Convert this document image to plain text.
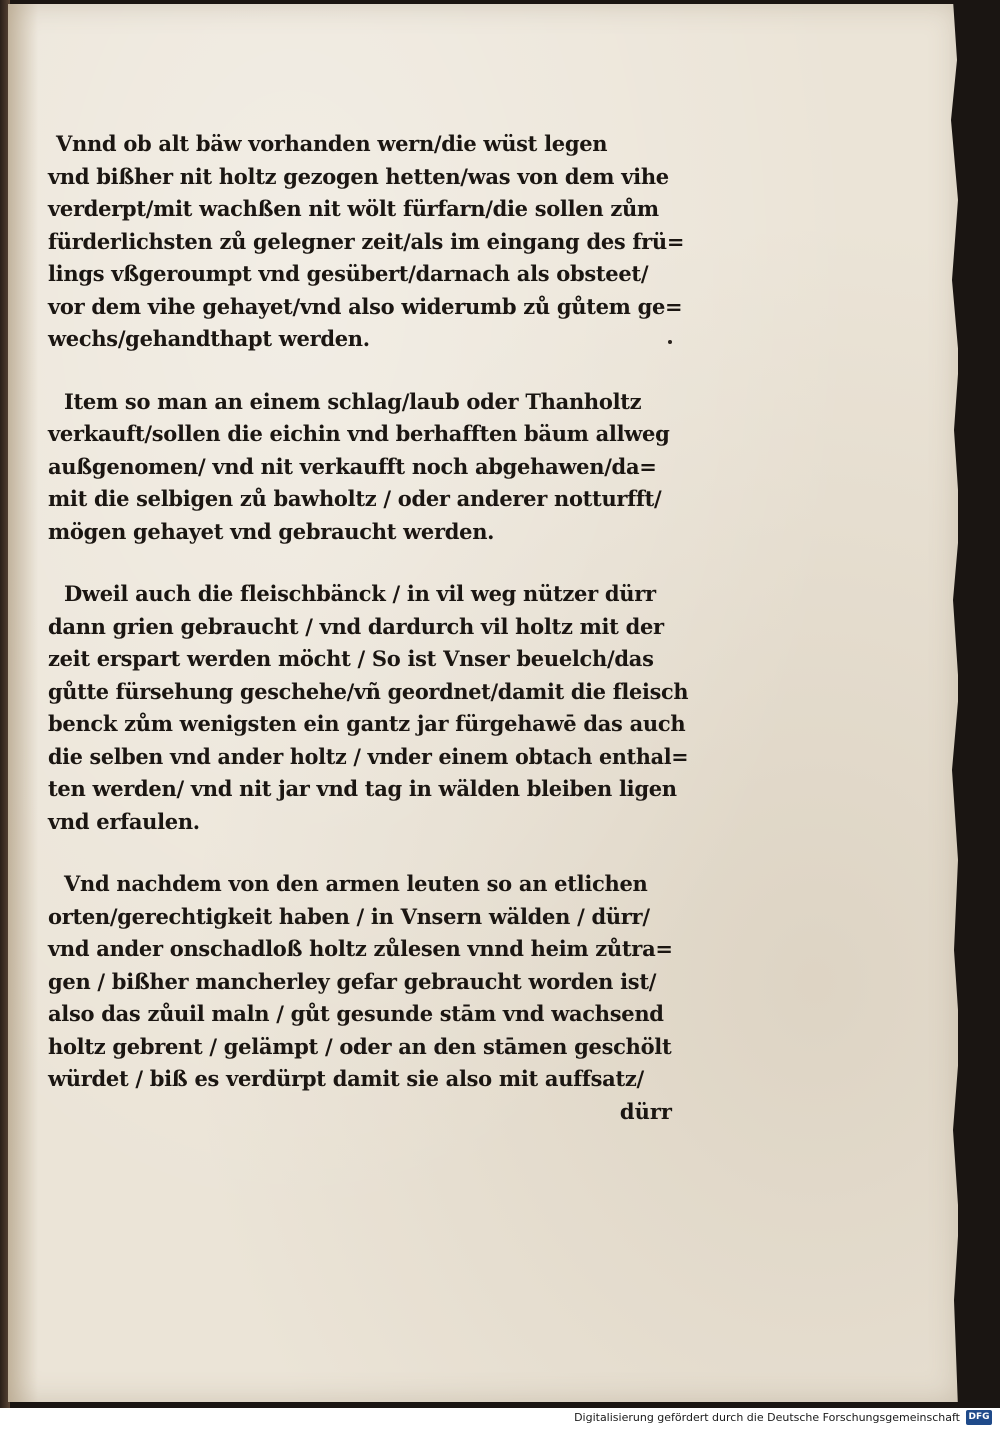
Vnnd ob alt bäw vorhanden wern/die wüst legen
vnd bißher nit holtz gezogen hetten/was von dem vihe
verderpt/mit wachßen nit wölt fürfarn/die sollen zům
fürderlichsten zů gelegner zeit/als im eingang des frü=
lings vßgeroumpt vnd gesübert/darnach als obsteet/
vor dem vihe gehayet/vnd also widerumb zů gůtem ge=
wechs/gehandthapt werden.
Item so man an einem schlag/laub oder Thanholtz
verkauft/sollen die eichin vnd berhafften bäum allweg
außgenomen/ vnd nit verkaufft noch abgehawen/da=
mit die selbigen zů bawholtz / oder anderer notturfft/
mögen gehayet vnd gebraucht werden.
Dweil auch die fleischbänck / in vil weg nützer dürr
dann grien gebraucht / vnd dardurch vil holtz mit der
zeit erspart werden möcht / So ist Vnser beuelch/das
gůtte fürsehung geschehe/vñ geordnet/damit die fleisch
benck zům wenigsten ein gantz jar fürgehawē das auch
die selben vnd ander holtz / vnder einem obtach enthal=
ten werden/ vnd nit jar vnd tag in wälden bleiben ligen
vnd erfaulen.
Vnd nachdem von den armen leuten so an etlichen
orten/gerechtigkeit haben / in Vnsern wälden / dürr/
vnd ander onschadloß holtz zůlesen vnnd heim zůtra=
gen / bißher mancherley gefar gebraucht worden ist/
also das zůuil maln / gůt gesunde stām vnd wachsend
holtz gebrent / gelämpt / oder an den stāmen geschölt
würdet / biß es verdürpt damit sie also mit auffsatz/
dürr
Digitalisierung gefördert durch die Deutsche Forschungsgemeinschaft DFG
